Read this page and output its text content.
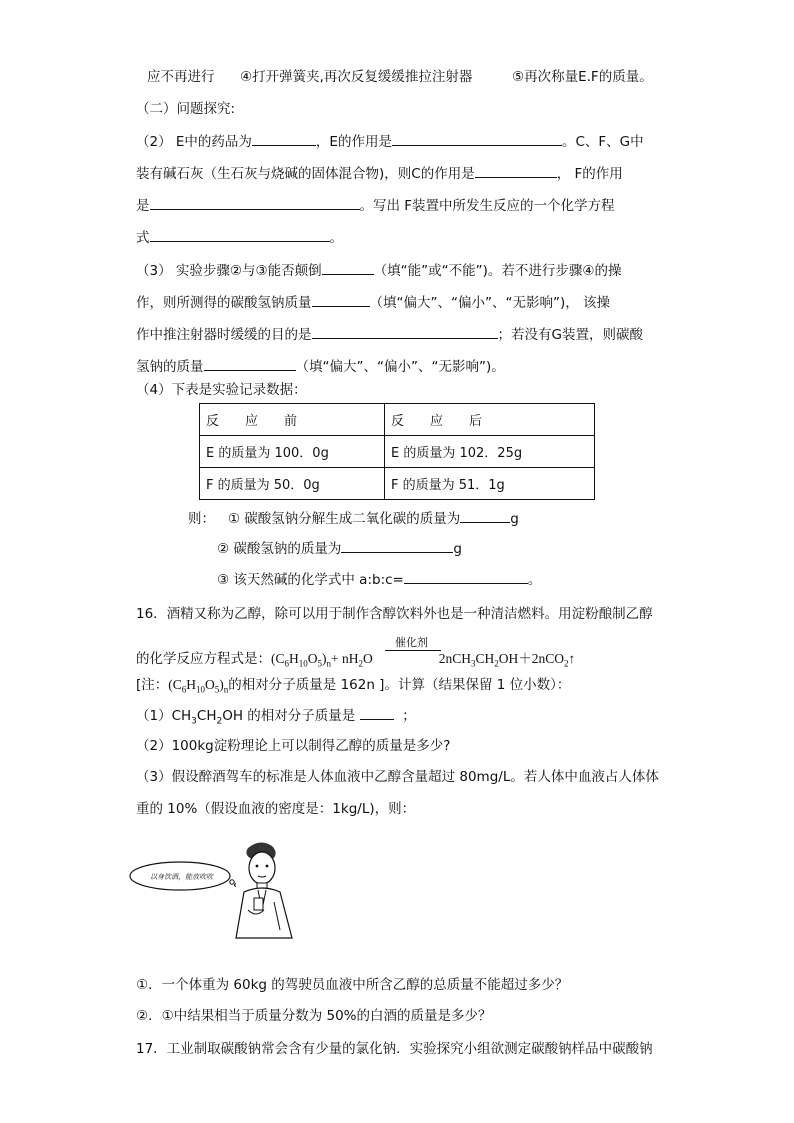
应不再进行 ④打开弹簧夹,再次反复缓缓推拉注射器	⑤再次称量E.F的质量。
（二）问题探究:
（2） E中的药品为	，E的作用是	。C、F、G中
装有碱石灰（生石灰与烧碱的固体混合物)，则C的作用是	， F的作用
是	。写出 F装置中所发生反应的一个化学方程
式	。
（3） 实验步骤②与③能否颠倒	（填“能”或“不能”)。若不进行步骤④的操
作，则所测得的碳酸氢钠质量	（填“偏大”、“偏小”、“无影响”)， 该操
作中推注射器时缓缓的目的是	；若没有G装置，则碳酸
氢钠的质量	（填“偏大”、“偏小”、“无影响”)。
（4）下表是实验记录数据：
反　　应　　前	反　　应　　后
E 的质量为 100．0g	E 的质量为 102．25g
F 的质量为 50．0g	F 的质量为 51．1g
则： ① 碳酸氢钠分解生成二氧化碳的质量为	g
② 碳酸氢钠的质量为	g
③ 该天然碱的化学式中 a:b:c=	。
16．酒精又称为乙醇，除可以用于制作含醇饮料外也是一种清洁燃料。用淀粉酿制乙醇
催化剂
的化学反应方程式是：$(C_6H_{10}O_5)_n+ nH_2O$	$2nCH_3CH_2OH+2nCO_2↑$
[注：$(C_6H_{10}O_5)_n$的相对分子质量是 162n ]。计算（结果保留 1 位小数）：
$(1)CH_3CH_2OH$ 的相对分子质量是	；
（2）100kg淀粉理论上可以制得乙醇的质量是多少?
（3）假设醉酒驾车的标准是人体血液中乙醇含量超过 80mg/L。若人体中血液占人体体
重的 10%（假设血液的密度是：1kg/L)，则：
以身饮酒，能放吹吹
①．一个体重为 60kg 的驾驶员血液中所含乙醇的总质量不能超过多少？
②．①中结果相当于质量分数为 50%的白酒的质量是多少？
17．工业制取碳酸钠常会含有少量的氯化钠．实验探究小组欲测定碳酸钠样品中碳酸钠
